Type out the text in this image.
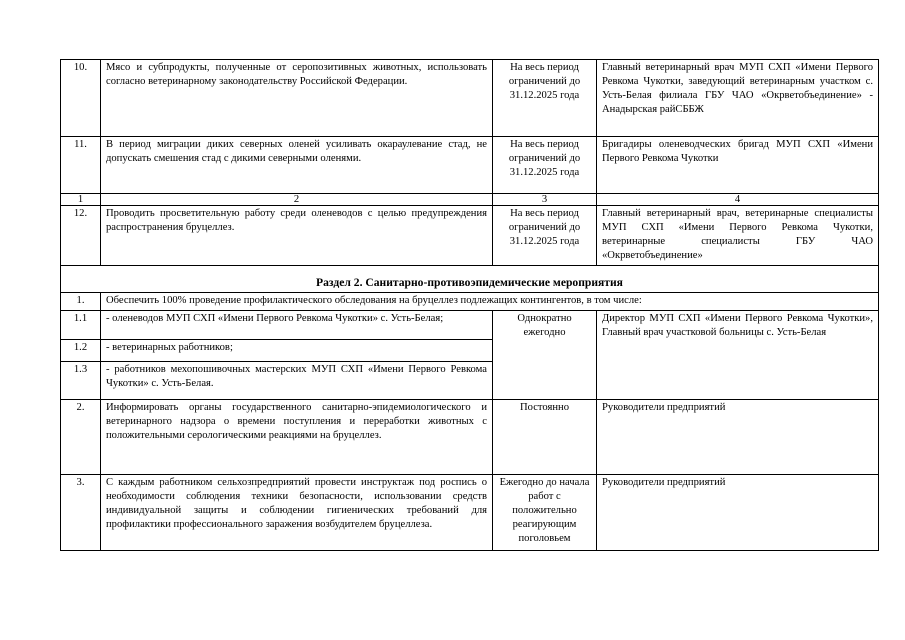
10.	Мясо и субпродукты, полученные от серопозитивных животных, использовать согласно ветеринарному законодательству Российской Федерации.	На весь период ограничений до 31.12.2025 года	Главный ветеринарный врач МУП СХП «Имени Первого Ревкома Чукотки, заведующий ветеринарным участком с. Усть-Белая филиала ГБУ ЧАО «Окрветобъединение» - Анадырская райСББЖ
11.	В период миграции диких северных оленей усиливать окараулевание стад, не допускать смешения стад с дикими северными оленями.	На весь период ограничений до 31.12.2025 года	Бригадиры оленеводческих бригад МУП СХП «Имени Первого Ревкома Чукотки
1	2	3	4
12.	Проводить просветительную работу среди оленеводов с целью предупреждения распространения бруцеллез.	На весь период ограничений до 31.12.2025 года	Главный ветеринарный врач, ветеринарные специалисты МУП СХП «Имени Первого Ревкома Чукотки, ветеринарные специалисты ГБУ ЧАО «Окрветобъединение»
Раздел 2. Санитарно-противоэпидемические мероприятия			
1.	Обеспечить 100% проведение профилактического обследования на бруцеллез подлежащих контингентов, в том числе:		
1.1	- оленеводов МУП СХП «Имени Первого Ревкома Чукотки» с. Усть-Белая;	Однократно ежегодно	Директор МУП СХП «Имени Первого Ревкома Чукотки», Главный врач участковой больницы с. Усть-Белая
1.2	- ветеринарных работников;		
1.3	- работников мехопошивочных мастерских МУП СХП «Имени Первого Ревкома Чукотки» с. Усть-Белая.		
2.	Информировать органы государственного санитарно-эпидемиологического и ветеринарного надзора о времени поступления и переработки животных с положительными серологическими реакциями на бруцеллез.	Постоянно	Руководители предприятий
3.	С каждым работником сельхозпредприятий провести инструктаж под роспись о необходимости соблюдения техники безопасности, использовании средств индивидуальной защиты и соблюдении гигиенических требований для профилактики профессионального заражения возбудителем бруцеллеза.	Ежегодно до начала работ с положительно реагирующим поголовьем	Руководители предприятий
